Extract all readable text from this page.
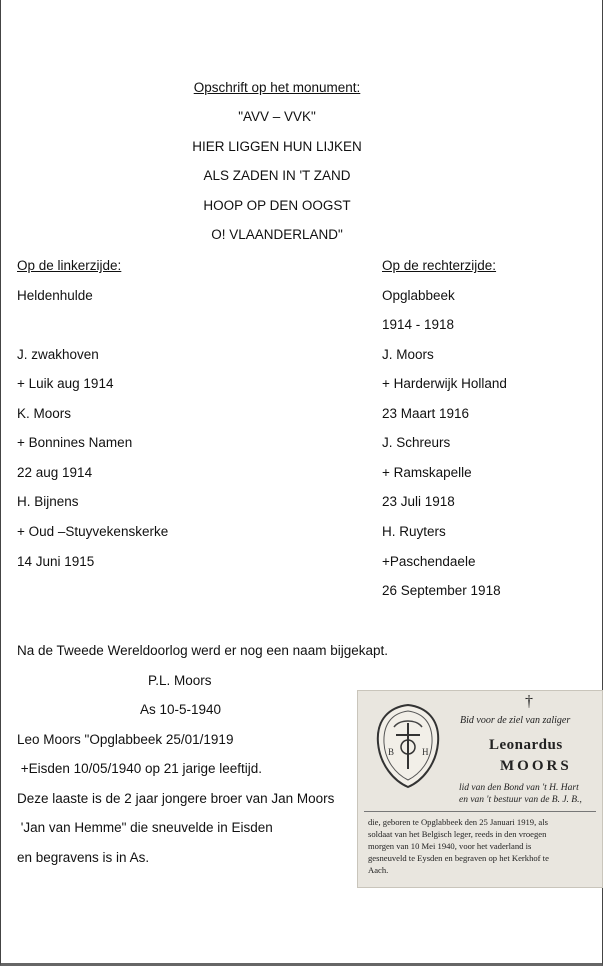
Opschrift op het monument:
"AVV – VVK"
HIER LIGGEN HUN LIJKEN
ALS ZADEN IN 'T ZAND
HOOP OP DEN OOGST
O! VLAANDERLAND"
Op de linkerzijde:
Heldenhulde
J. zwakhoven
+ Luik aug 1914
K. Moors
+ Bonnines Namen
22 aug 1914
H. Bijnens
+ Oud –Stuyvekenskerke
14 Juni 1915
Op de rechterzijde:
Opglabbeek
1914 - 1918
J. Moors
+ Harderwijk Holland
23 Maart 1916
J. Schreurs
+ Ramskapelle
23 Juli 1918
H. Ruyters
+Paschendaele
26 September 1918
Na de Tweede Wereldoorlog werd er nog een naam bijgekapt.
P.L. Moors
As 10-5-1940
Leo Moors "Opglabbeek 25/01/1919
+Eisden 10/05/1940 op 21 jarige leeftijd.
Deze laaste is de 2 jaar jongere broer van Jan Moors
'Jan van Hemme" die sneuvelde in Eisden
en begravens is in As.
B	H
†
Bid voor de ziel van zaliger
Leonardus
MOORS
lid van den Bond van 't H. Hart
en van 't bestuur van de B. J. B.,
die, geboren te Opglabbeek den 25 Januari 1919, als
soldaat van het Belgisch leger, reeds in den vroegen
morgen van 10 Mei 1940, voor het vaderland is
gesneuveld te Eysden en begraven op het Kerkhof te
Aach.
